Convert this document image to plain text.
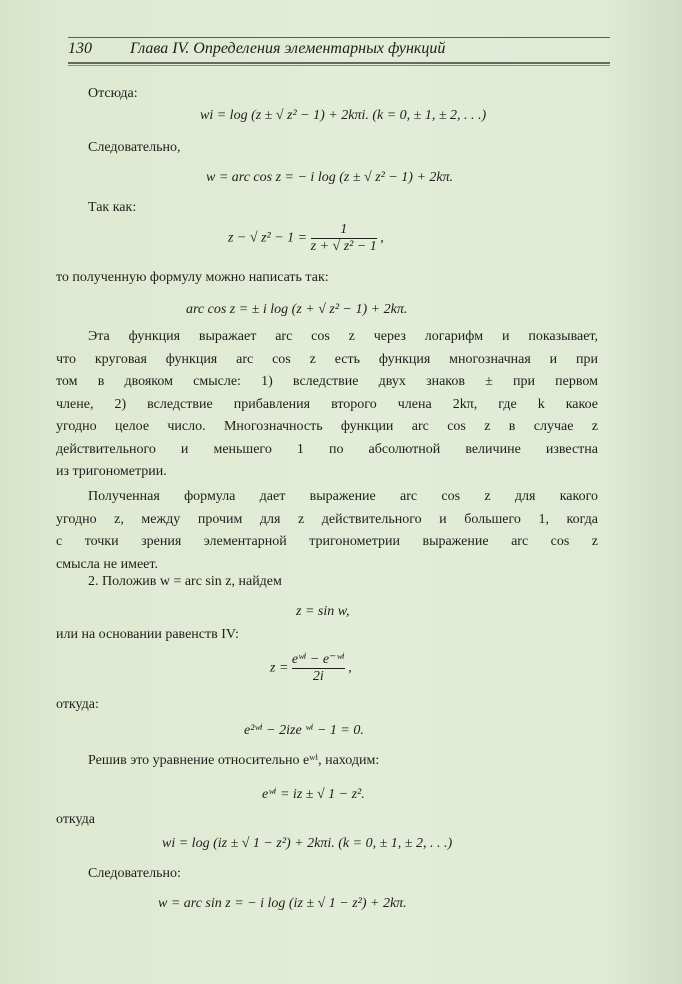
130 Глава IV. Определения элементарных функций
Отсюда:
wi = log (z ± √ z² − 1) + 2kπi. (k = 0, ± 1, ± 2, . . .)
Следовательно,
w = arc cos z = − i log (z ± √ z² − 1) + 2kπ.
Так как:
z − √ $z^2 - 1 = \frac{1}{\text{z + √ z² − 1}}$ ,
то полученную формулу можно написать так:
arc cos z = ± i log (z + √ z² − 1) + 2kπ.
Эта функция выражает arc cos z через логарифм и показывает,
что круговая функция arc cos z есть функция многозначная и при
том в двояком смысле: 1) вследствие двух знаков ± при первом
члене, 2) вследствие прибавления второго члена 2kπ, где k какое
угодно целое число. Многозначность функции arc cos z в случае z
действительного и меньшего 1 по абсолютной величине известна
из тригонометрии.
Полученная формула дает выражение arc cos z для какого
угодно z, между прочим для z действительного и большего 1, когда
с точки зрения элементарной тригонометрии выражение arc cos z
смысла не имеет.
2. Положив w = arc sin z, найдем
z = sin w,
или на основании равенств IV:
$z = \frac{\text{eʷⁱ − e⁻ʷⁱ}}{2i}$ ,
откуда:
e²ʷⁱ − 2ize ʷⁱ − 1 = 0.
Решив это уравнение относительно eʷⁱ, находим:
eʷⁱ = iz ± √ 1 − z².
откуда
wi = log (iz ± √ 1 − z²) + 2kπi. (k = 0, ± 1, ± 2, . . .)
Следовательно:
w = arc sin z = − i log (iz ± √ 1 − z²) + 2kπ.
